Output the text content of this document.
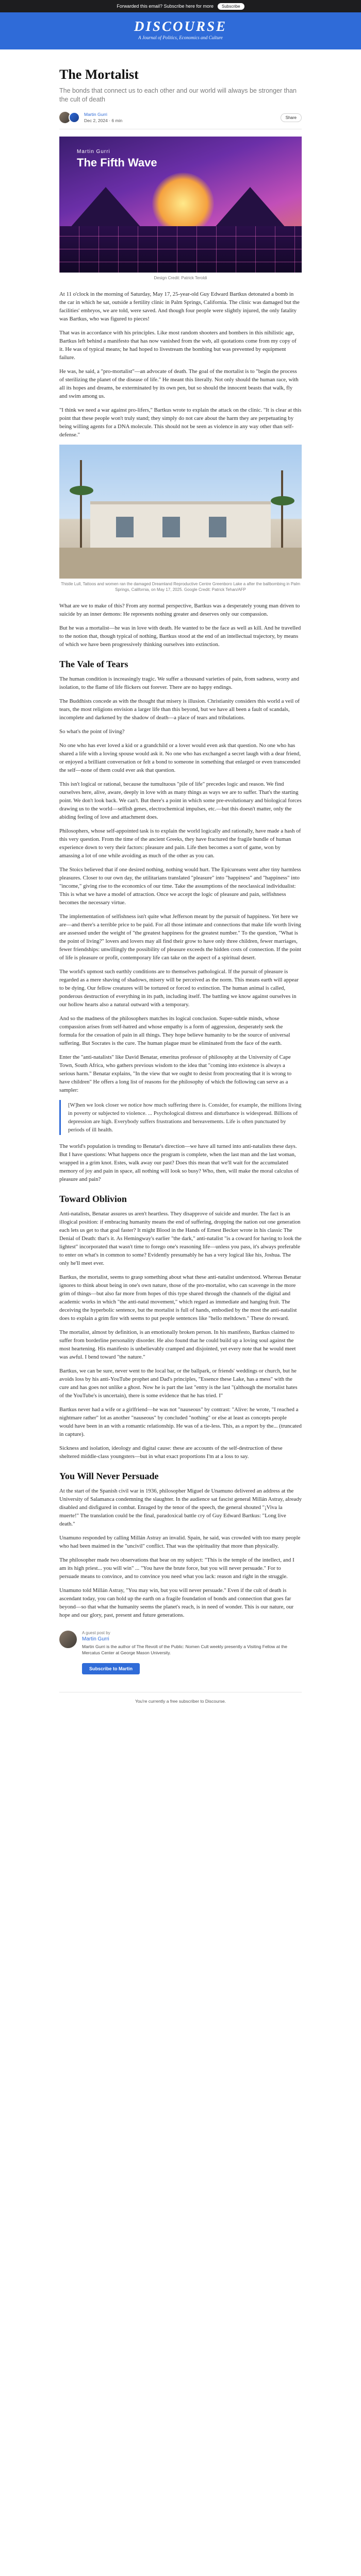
Forwarded this email? Subscribe here for more	Subscribe
DISCOURSE
A Journal of Politics, Economics and Culture
The Mortalist

The bonds that connect us to each other and our world will always be stronger than the cult of death

Martin Gurri
Dec 2, 2024 · 6 min
Share
Martin Gurri
The Fifth Wave
Design Credit: Patrick Teroldi

At 11 o'clock in the morning of Saturday, May 17, 25-year-old Guy Edward Bartkus detonated a bomb in the car in which he sat, outside a fertility clinic in Palm Springs, California. The clinic was damaged but the facilities' embryos, we are told, were saved. And though four people were slightly injured, the only fatality was Bartkus, who was figured to pieces!

That was in accordance with his principles. Like most random shooters and bombers in this nihilistic age, Bartkus left behind a manifesto that has now vanished from the web, all quotations come from my copy of it. He was of typical means; he had hoped to livestream the bombing but was prevented by equipment failure.

He was, he said, a "pro-mortalist"—an advocate of death. The goal of the mortalist is to "begin the process of sterilizing the planet of the disease of life." He meant this literally. Not only should the human race, with all its hopes and dreams, be exterminated by its own pen, but so should the innocent beasts that walk, fly and swim among us.

"I think we need a war against pro-lifers," Bartkus wrote to explain the attack on the clinic. "It is clear at this point that these people won't truly stand; they simply do not care about the harm they are perpetuating by being willing agents for a DNA molecule. This should not be seen as violence in any way other than self-defense."

Thistle Lull, Tattoos and women ran the damaged Dreamland Reproductive Centre Greenboro Lake a after the ballbombing in Palm Springs, California, on May 17, 2025. Google Credit: Patrick Tehan/AFP

What are we to make of this? From any normal perspective, Bartkus was a desperately young man driven to suicide by an inner demons: He represents nothing greater and deserves only our compassion.

But he was a mortalist—he was in love with death. He wanted to be the face as well as kill. And he travelled to the notion that, though typical of nothing, Bartkus stood at the end of an intellectual trajectory, by means of which we have been progressively thinking ourselves into extinction.

The Vale of Tears

The human condition is increasingly tragic. We suffer a thousand varieties of pain, from sadness, worry and isolation, to the flame of life flickers out forever. There are no happy endings.

The Buddhists concede as with the thought that misery is illusion. Christianity considers this world a veil of tears, the most religions envision a larger life than this beyond, but we have all been a fault of scandals, incomplete and darkened by the shadow of death—a place of tears and tribulations.

So what's the point of living?

No one who has ever loved a kid or a grandchild or a lover would even ask that question. No one who has shared a life with a loving spouse would ask it. No one who has exchanged a secret laugh with a dear friend, or enjoyed a brilliant conversation or felt a bond to someone in something that enlarged or even transcended the self—none of them could ever ask that question.

This isn't logical or rational, because the tumultuous "pile of life" precedes logic and reason. We find ourselves here, alive, aware, deeply in love with as many things as ways we are to suffer. That's the starting point. We don't look back. We can't. But there's a point in which some pre-evolutionary and biological forces drawing us to the world—selfish genes, electrochemical impulses, etc.—but this doesn't matter, only the abiding feeling of love and attachment does.

Philosophers, whose self-appointed task is to explain the world logically and rationally, have made a hash of this very question. From the time of the ancient Greeks, they have fractured the fragile bundle of human experience down to very their factors: pleasure and pain. Life then becomes a sort of game, won by amassing a lot of one while avoiding as much of the other as you can.

The Stoics believed that if one desired nothing, nothing would hurt. The Epicureans went after tiny harmless pleasures. Closer to our own day, the utilitarians translated "pleasure" into "happiness" and "happiness" into "income," giving rise to the economics of our time. Take the assumptions of the neoclassical individualist: This is what we have a model of attraction. Once we accept the logic of pleasure and pain, selfishness becomes the necessary virtue.

The implementation of selfishness isn't quite what Jefferson meant by the pursuit of happiness. Yet here we are—and there's a terrible price to be paid. For all those intimate and connections that make life worth living are assessed under the weight of "the greatest happiness for the greatest number." To the question, "What is the point of living?" lovers and lovers may all find their grow to have only three children, fewer marriages, fewer friendships: unwillingly the possibility of pleasure exceeds the hidden costs of connection. If the point of life is pleasure or profit, contemporary life can take on the aspect of a spiritual desert.

The world's upmost such earthly conditions are to themselves pathological. If the pursuit of pleasure is regarded as a mere shaving of shadows, misery will be perceived as the norm. This means earth will appear to be dying. Our fellow creatures will be tortured or forced to extinction. The human animal is called, ponderous destruction of everything in its path, including itself. The battling we know against ourselves in our hollow hearts also a natural outward with a temporary.

And so the madness of the philosophers matches its logical conclusion. Super-subtle minds, whose compassion arises from self-hatred and whose empathy is a form of aggression, desperately seek the formula for the cessation of pain in all things. They hope believe humanity to be the source of universal suffering. But Socrates is the cure. The human plague must be eliminated from the face of the earth.

Enter the "anti-natalists" like David Benatar, emeritus professor of philosophy at the University of Cape Town, South Africa, who gathers previous wisdom to the idea that "coming into existence is always a serious harm." Benatar explains, "In the view that we ought to desist from procreating that it is wrong to have children" He offers a long list of reasons for the philosophy of which the following can serve as a sampler:

[W]hen we look closer we notice how much suffering there is. Consider, for example, the millions living in poverty or subjected to violence. ... Psychological distress and disturbance is widespread. Billions of depression are high. Everybody suffers frustrations and bereavements. Life is often punctuated by periods of ill health.

The world's population is trending to Benatar's direction—we have all turned into anti-natalists these days. But I have questions: What happens once the program is complete, when the last man and the last woman, wrapped in a grim knot. Estes, walk away our past? Does this mean that we'll wait for the accumulated memory of joy and pain in space, all nothing will look so busy? Who, then, will make the moral calculus of pleasure and pain?

Toward Oblivion

Anti-natalists, Benatar assures us aren't heartless. They disapprove of suicide and murder. The fact is an illogical position: if embracing humanity means the end of suffering, dropping the nation out one generation each lets us get to that goal faster? It might Blood in the Hands of Ernest Becker wrote in his classic The Denial of Death: that's it. As Hemingway's earlier "the dark," anti-natalist "is a coward for having to look the lightest" incorporated that wasn't time to forego one's reasoning life—unless you pass, it's always preferable to enter on what's in common to some? Evidently presumably he has a very logical like his, Joshua. The only he'll meet ever.

Bartkus, the mortalist, seems to grasp something about what these anti-natalist understood. Whereas Benatar ignores to think about being in one's own nature, those of the pro-mortalist, who can scavenge in the more grim of things—but also far more from hopes of this type shared through the channels of the digital and academic works in which "the anti-natal movement," which regard as immediate and hanging fruit. The deceiving the hyperbolic sentence, but the mortalist is full of hands, embodied by the most the anti-natalist does to explain a grim fire with seems to put people sentences like "hello meltdown." These do reward.

The mortalist, almost by definition, is an emotionally broken person. In his manifesto, Bartkus claimed to suffer from borderline personality disorder. He also found that he could build up a loving soul against the most heartening. His manifesto is unbelievably cramped and disjointed, yet every note that he would meet was awful. I bend toward "the nature."

Bartkus, we can be sure, never went to the local bar, or the ballpark, or friends' weddings or church, but he avoids loss by his anti-YouTube prophet and Dad's principles, "Essence these Lake, has a mess" with the cure and has goes not unlike a ghost. Now he is part the last "entry is the last "(although the mortalist hates of the YouTube's is uncertain), there is some evidence that he has tried. I"

Bartkus never had a wife or a girlfriend—he was not "nauseous" by contrast: "Alive: he wrote, "I reached a nightmare rather" lot as another "nauseous" by concluded "nothing" or else at least as concepts people would have been in an with a romantic relationship. He was of a tie-less. This, as a report by the... (truncated in capture).

Sickness and isolation, ideology and digital cause: these are accounts of the self-destruction of these sheltered middle-class youngsters—but in what exact proportions I'm at a loss to say.

You Will Never Persuade

At the start of the Spanish civil war in 1936, philosopher Miguel de Unamuno delivered an address at the University of Salamanca condemning the slaughter. In the audience sat fascist general Millán Astray, already disabled and disfigured in combat. Enraged by the tenor of the speech, the general shouted "¡Viva la muerte!" The translation could be the final, paradoxical battle cry of Guy Edward Bartkus: "Long live death."

Unamuno responded by calling Millán Astray an invalid. Spain, he said, was crowded with too many people who had been maimed in the "uncivil" conflict. That was the spirituality that more than physically.

The philosopher made two observations that bear on my subject: "This is the temple of the intellect, and I am its high priest... you will win" ... "You have the brute force, but you will never persuade." For to persuade means to convince, and to convince you need what you lack: reason and right in the struggle.

Unamuno told Millán Astray, "You may win, but you will never persuade." Even if the cult of death is ascendant today, you can hold up the earth on a fragile foundation of bonds and connection that goes far beyond—so that what the humanity seems the planet's reach, is in need of wonder. This is our nature, our hope and our glory, past, present and future generations.

A guest post by
Martin Gurri
Martin Gurri is the author of The Revolt of the Public: Nomen Cult weekly presently a Visiting Fellow at the Mercatus Center at George Mason University.
Subscribe to Martin
You're currently a free subscriber to Discourse.
